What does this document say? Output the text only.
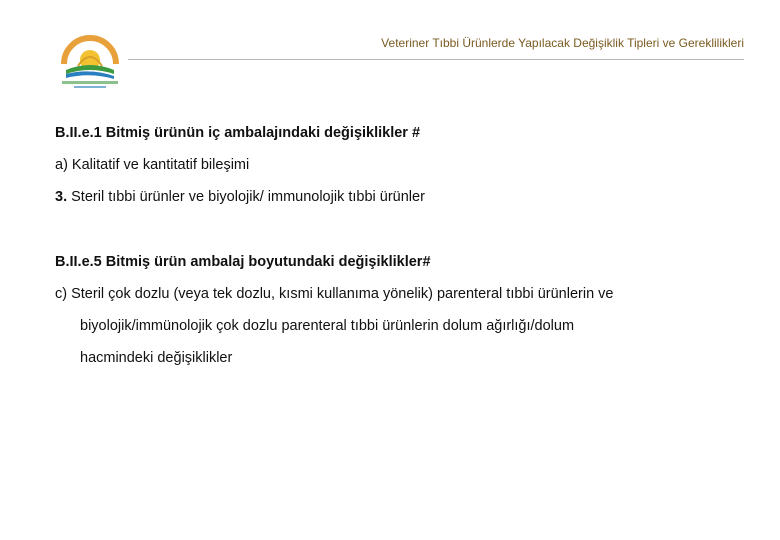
Veteriner Tıbbi Ürünlerde Yapılacak Değişiklik Tipleri ve Gereklilikleri
B.II.e.1 Bitmiş ürünün iç ambalajındaki değişiklikler #
a) Kalitatif ve kantitatif bileşimi
3. Steril tıbbi ürünler ve biyolojik/ immunolojik tıbbi ürünler
B.II.e.5 Bitmiş ürün ambalaj boyutundaki değişiklikler#
c) Steril çok dozlu (veya tek dozlu, kısmi kullanıma yönelik) parenteral tıbbi ürünlerin ve
biyolojik/immünolojik çok dozlu parenteral tıbbi ürünlerin dolum ağırlığı/dolum
hacmindeki değişiklikler
